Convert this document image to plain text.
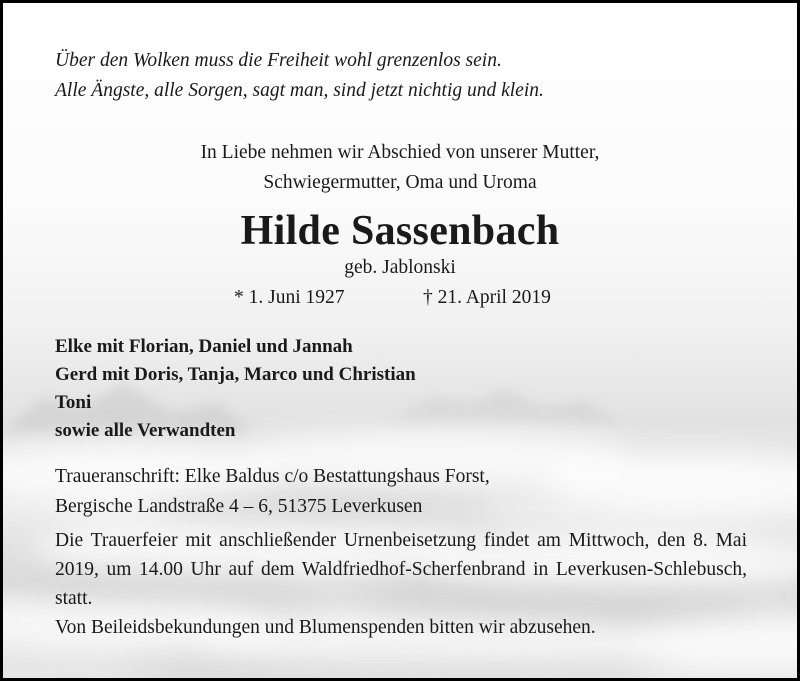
Über den Wolken muss die Freiheit wohl grenzenlos sein.
Alle Ängste, alle Sorgen, sagt man, sind jetzt nichtig und klein.
In Liebe nehmen wir Abschied von unserer Mutter,
Schwiegermutter, Oma und Uroma
Hilde Sassenbach
geb. Jablonski
* 1. Juni 1927	† 21. April 2019
Elke mit Florian, Daniel und Jannah
Gerd mit Doris, Tanja, Marco und Christian
Toni
sowie alle Verwandten
Traueranschrift: Elke Baldus c/o Bestattungshaus Forst,
Bergische Landstraße 4 – 6, 51375 Leverkusen
Die Trauerfeier mit anschließender Urnenbeisetzung findet am Mittwoch, den 8. Mai 2019, um 14.00 Uhr auf dem Waldfriedhof-Scherfenbrand in Leverkusen-Schlebusch, statt.
Von Beileidsbekundungen und Blumenspenden bitten wir abzusehen.
